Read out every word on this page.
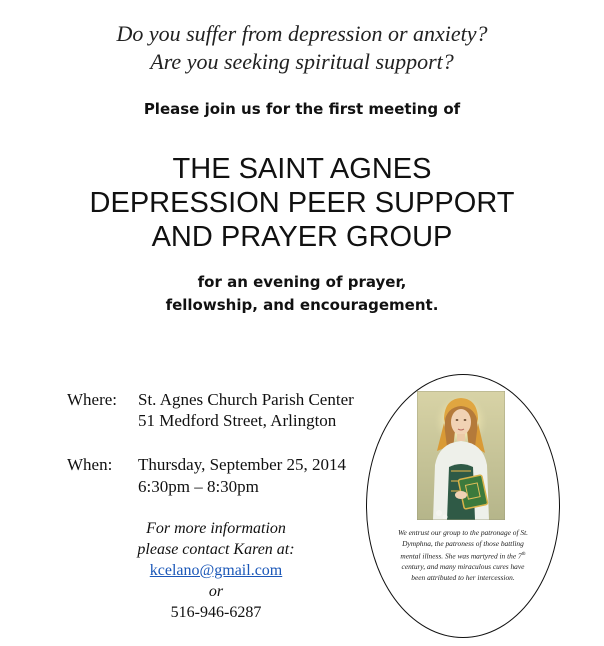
Do you suffer from depression or anxiety?
Are you seeking spiritual support?
Please join us for the first meeting of
THE SAINT AGNES
DEPRESSION PEER SUPPORT
AND PRAYER GROUP
for an evening of prayer,
fellowship, and encouragement.
Where: St. Agnes Church Parish Center
51 Medford Street, Arlington
When: Thursday, September 25, 2014
6:30pm – 8:30pm
For more information
please contact Karen at:
kcelano@gmail.com
or
516-946-6287
We entrust our group to the patronage of St. Dymphna, the patroness of those battling mental illness. She was martyred in the 7th century, and many miraculous cures have been attributed to her intercession.
